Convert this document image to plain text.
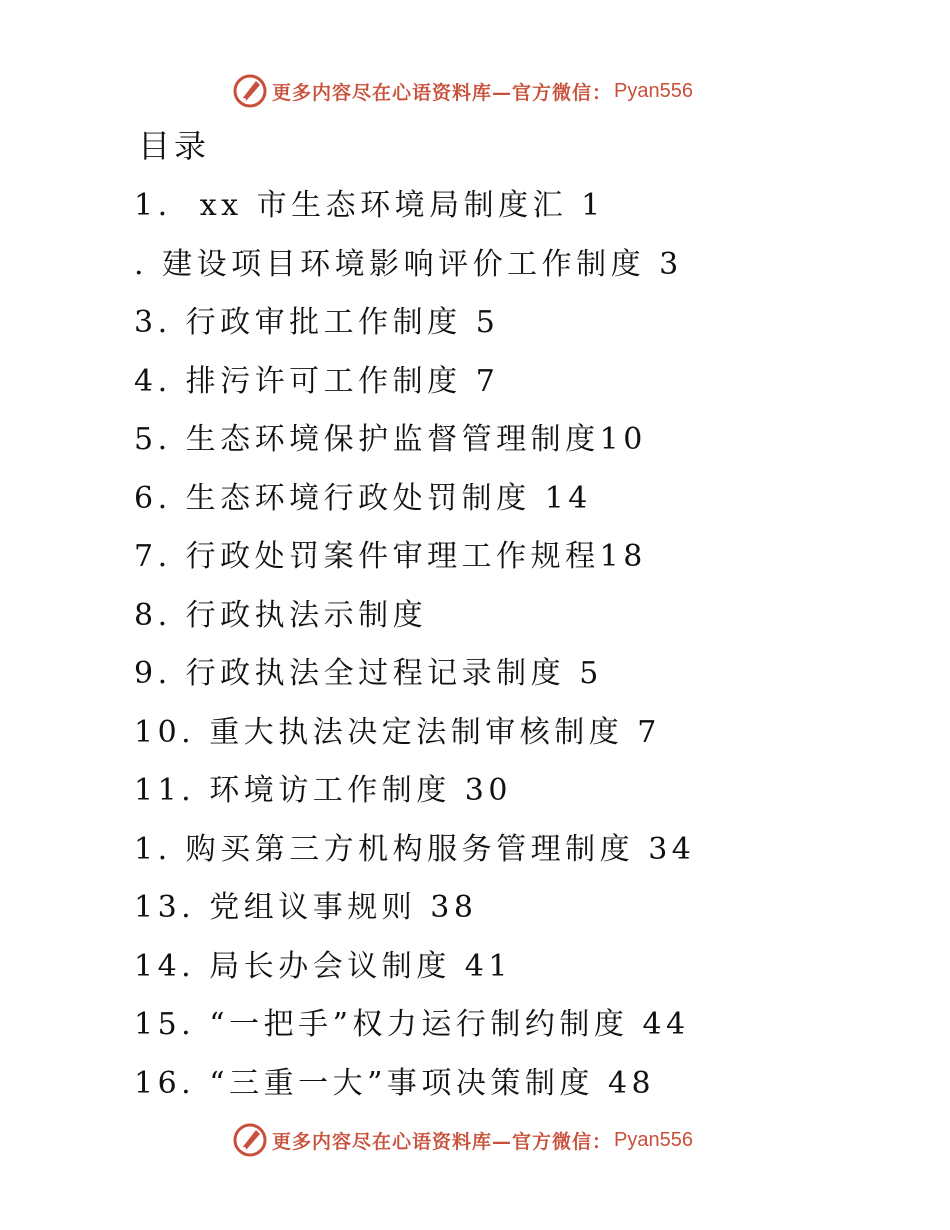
更多内容尽在心语资料库—官方微信： Pyan556
目录
1.  xx 市生态环境局制度汇 1
. 建设项目环境影响评价工作制度 3
3. 行政审批工作制度 5
4. 排污许可工作制度 7
5. 生态环境保护监督管理制度10
6. 生态环境行政处罚制度 14
7. 行政处罚案件审理工作规程18
8. 行政执法示制度
9. 行政执法全过程记录制度 5
10. 重大执法决定法制审核制度 7
11. 环境访工作制度 30
1. 购买第三方机构服务管理制度 34
13. 党组议事规则 38
14. 局长办会议制度 41
15. “一把手”权力运行制约制度 44
16. “三重一大”事项决策制度 48
更多内容尽在心语资料库—官方微信： Pyan556
